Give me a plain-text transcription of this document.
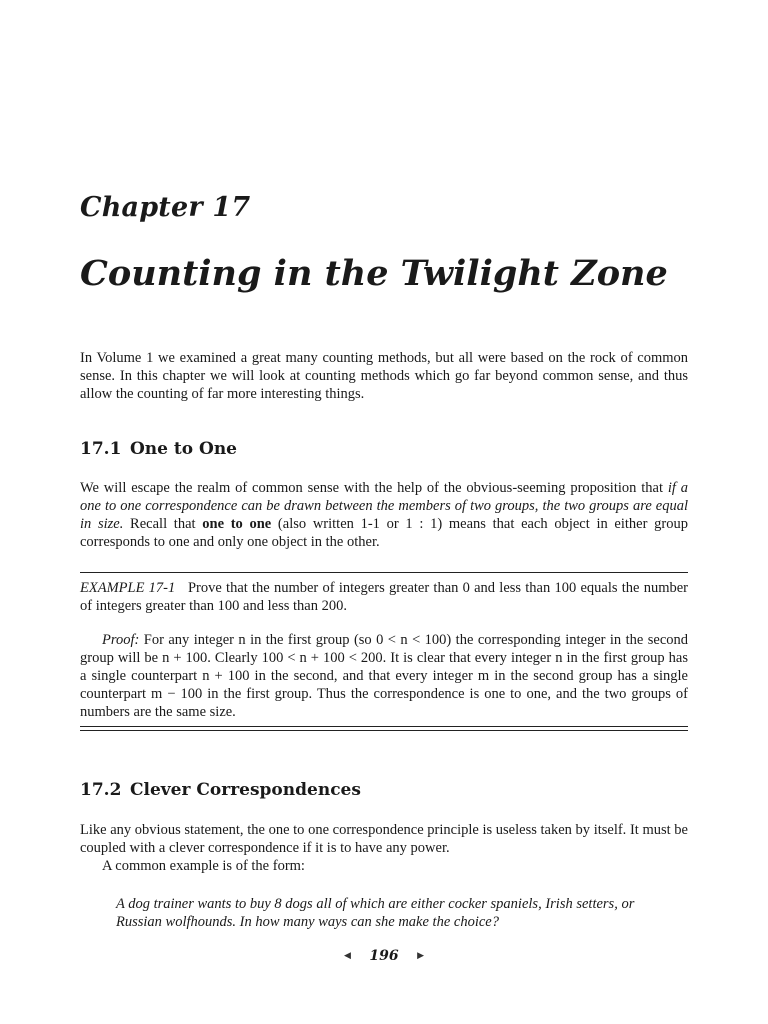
Chapter 17
Counting in the Twilight Zone

In Volume 1 we examined a great many counting methods, but all were based on the rock of common sense. In this chapter we will look at counting methods which go far beyond common sense, and thus allow the counting of far more interesting things.

17.1 One to One

We will escape the realm of common sense with the help of the obvious-seeming proposition that if a one to one correspondence can be drawn between the members of two groups, the two groups are equal in size. Recall that one to one (also written 1-1 or 1 : 1) means that each object in either group corresponds to one and only one object in the other.

EXAMPLE 17-1 Prove that the number of integers greater than 0 and less than 100 equals the number of integers greater than 100 and less than 200.

Proof: For any integer n in the first group (so 0 < n < 100) the corresponding integer in the second group will be n + 100. Clearly 100 < n + 100 < 200. It is clear that every integer n in the first group has a single counterpart n + 100 in the second, and that every integer m in the second group has a single counterpart m − 100 in the first group. Thus the correspondence is one to one, and the two groups of numbers are the same size.

17.2 Clever Correspondences

Like any obvious statement, the one to one correspondence principle is useless taken by itself. It must be coupled with a clever correspondence if it is to have any power.

A common example is of the form:

A dog trainer wants to buy 8 dogs all of which are either cocker spaniels, Irish setters, or Russian wolfhounds. In how many ways can she make the choice?

◀ 196 ▶
